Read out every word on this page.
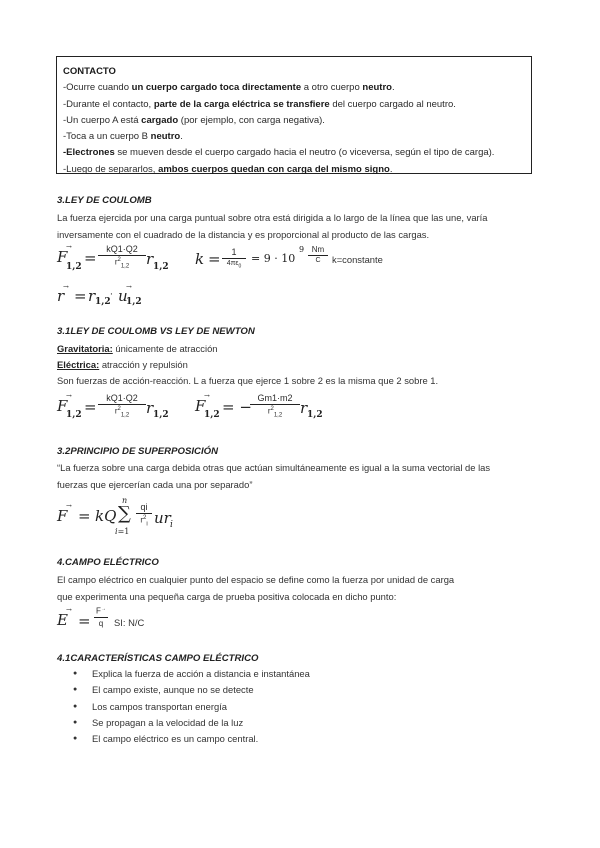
CONTACTO
-Ocurre cuando un cuerpo cargado toca directamente a otro cuerpo neutro.
-Durante el contacto, parte de la carga eléctrica se transfiere del cuerpo cargado al neutro.
-Un cuerpo A está cargado (por ejemplo, con carga negativa).
-Toca a un cuerpo B neutro.
-Electrones se mueven desde el cuerpo cargado hacia el neutro (o viceversa, según el tipo de carga).
-Luego de separarlos, ambos cuerpos quedan con carga del mismo signo.
3.LEY DE COULOMB
La fuerza ejercida por una carga puntual sobre otra está dirigida a lo largo de la línea que las une, varía
inversamente con el cuadrado de la distancia y es proporcional al producto de las cargas.
F
→
1,2 =	kQ1·Q2
$r^2_{1,2}$	r 1,2 k =	1
$4\pi\varepsilon_0$
= 9 · 10
9 Nm
C	k=constante
r
→ = r 1,2
· u
→
1,2
3.1LEY DE COULOMB VS LEY DE NEWTON
Gravitatoria: únicamente de atracción
Eléctrica: atracción y repulsión
Son fuerzas de acción-reacción. L a fuerza que ejerce 1 sobre 2 es la misma que 2 sobre 1.
F
→
1,2 =	kQ1·Q2
$r^2_{1,2}$	r 1,2 F
→
1,2 = − Gm1·m2
$r^2_{1,2}$	r 1,2
3.2PRINCIPIO DE SUPERPOSICIÓN
“La fuerza sobre una carga debida otras que actúan simultáneamente es igual a la suma vectorial de las
fuerzas que ejercerían cada una por separado”
F
→
= kQ
n
∑
i=1
qi
$r^2_i$ ur i
4.CAMPO ELÉCTRICO
El campo eléctrico en cualquier punto del espacio se define como la fuerza por unidad de carga
que experimenta una pequeña carga de prueba positiva colocada en dicho punto:
E
→
=
F→
q	SI: N/C
4.1CARACTERÍSTICAS CAMPO ELÉCTRICO
● Explica la fuerza de acción a distancia e instantánea
● El campo existe, aunque no se detecte
● Los campos transportan energía
● Se propagan a la velocidad de la luz
● El campo eléctrico es un campo central.
